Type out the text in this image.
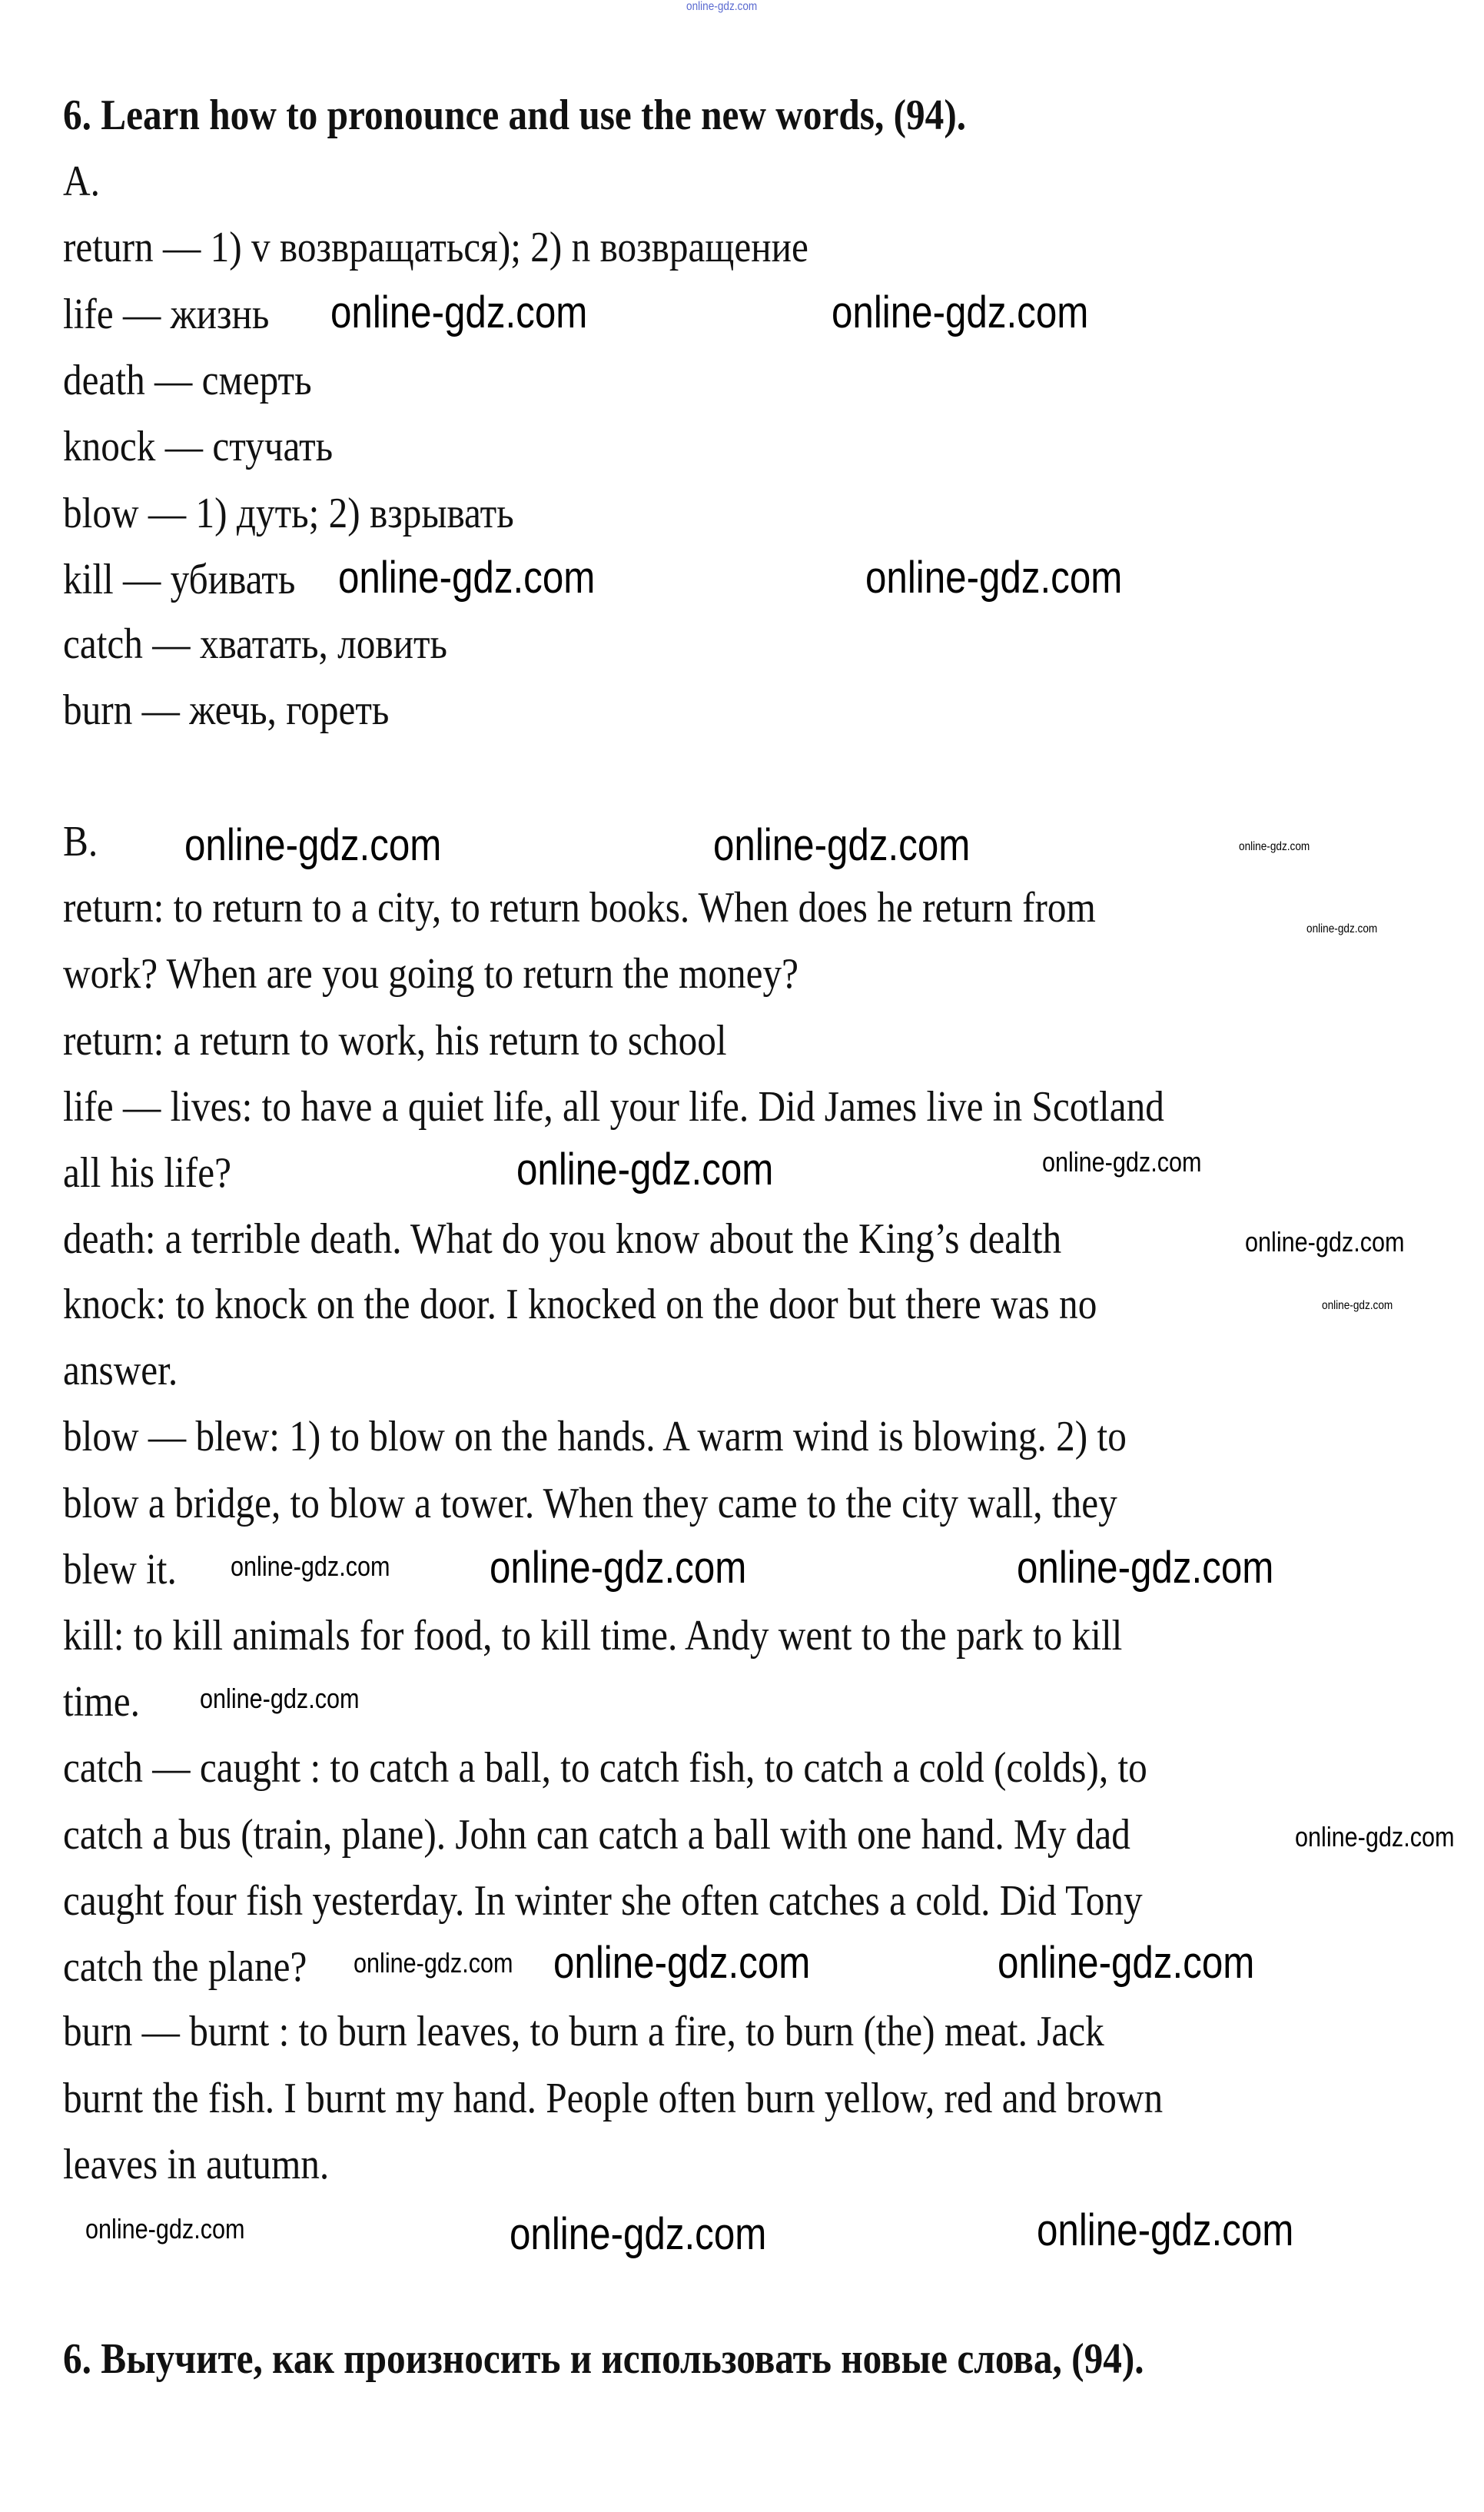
6. Learn how to pronounce and use the new words, (94).
A.
return — 1) v возвращаться); 2) n возвращение
life — жизнь
death — смерть
knock — стучать
blow — 1) дуть; 2) взрывать
kill — убивать
catch — хватать, ловить
burn — жечь, гореть
B.
return: to return to a city, to return books. When does he return from
work? When are you going to return the money?
return: a return to work, his return to school
life — lives: to have a quiet life, all your life. Did James live in Scotland
all his life?
death: a terrible death. What do you know about the King’s dealth
knock: to knock on the door. I knocked on the door but there was no
answer.
blow — blew: 1) to blow on the hands. A warm wind is blowing. 2) to
blow a bridge, to blow a tower. When they came to the city wall, they
blew it.
kill: to kill animals for food, to kill time. Andy went to the park to kill
time.
catch — caught : to catch a ball, to catch fish, to catch a cold (colds), to
catch a bus (train, plane). John can catch a ball with one hand. My dad
caught four fish yesterday. In winter she often catches a cold. Did Tony
catch the plane?
burn — burnt : to burn leaves, to burn a fire, to burn (the) meat. Jack
burnt the fish. I burnt my hand. People often burn yellow, red and brown
leaves in autumn.
6. Выучите, как произносить и использовать новые слова, (94).
online-gdz.com
online-gdz.com	online-gdz.com
online-gdz.com	online-gdz.com
online-gdz.com	online-gdz.com	online-gdz.com
online-gdz.com
online-gdz.com
online-gdz.com
online-gdz.com
online-gdz.com
online-gdz.com online-gdz.com	online-gdz.com
online-gdz.com
online-gdz.com
online-gdz.com	online-gdz.com
online-gdz.com
online-gdz.com	online-gdz.com	online-gdz.com
